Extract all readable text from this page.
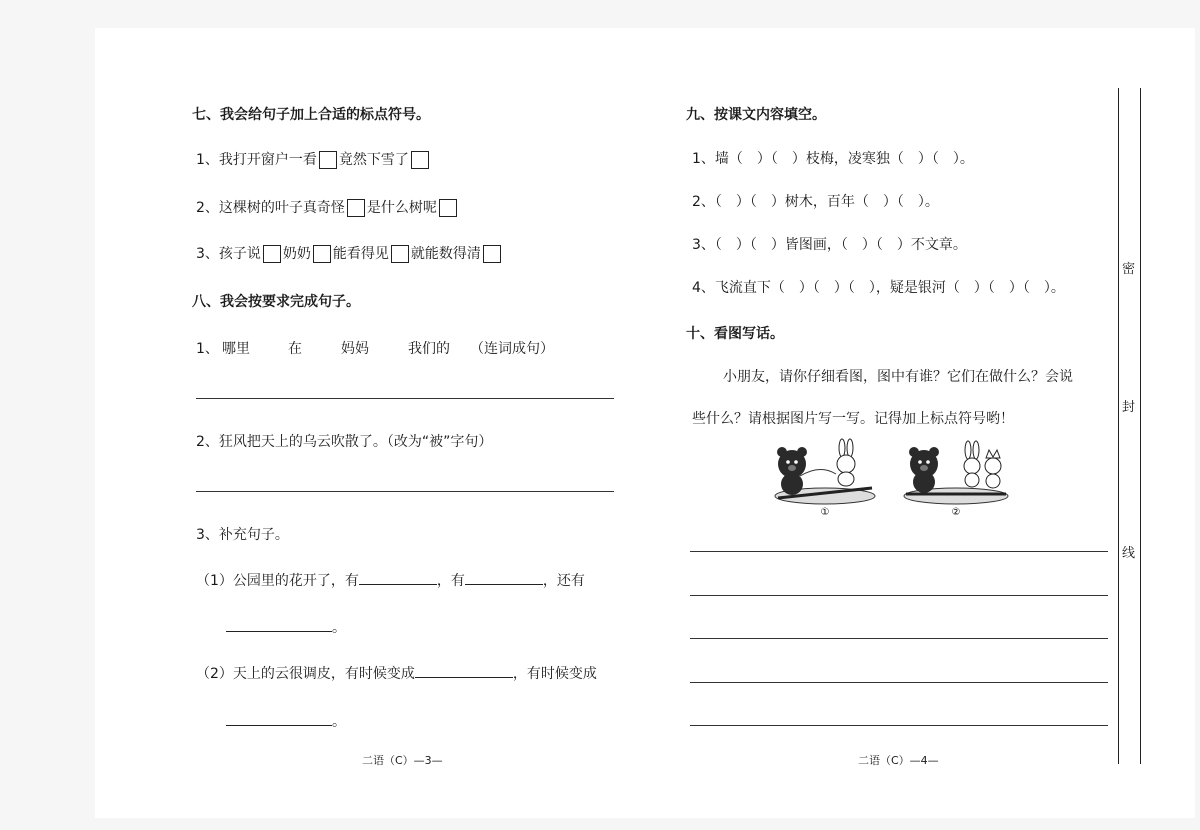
七、我会给句子加上合适的标点符号。
1、我打开窗户一看 竟然下雪了
2、这棵树的叶子真奇怪 是什么树呢
3、孩子说 奶奶 能看得见 就能数得清
八、我会按要求完成句子。
1、 哪里	在	妈妈	我们的 （连词成句）
2、狂风把天上的乌云吹散了。（改为“被”字句）
3、补充句子。
（1）公园里的花开了，有	，有	，还有
。
（2）天上的云很调皮，有时候变成	，有时候变成
。
二语（C）—3—
九、按课文内容填空。
1、墙（　）（　）枝梅，凌寒独（　）（　）。
2、（　）（　）树木，百年（　）（　）。
3、（　）（　）皆图画，（　）（　）不文章。
4、飞流直下（　）（　）（　），疑是银河（　）（　）（　）。
十、看图写话。
小朋友，请你仔细看图，图中有谁？它们在做什么？会说
些什么？请根据图片写一写。记得加上标点符号哟！
①	②
二语（C）—4—
密
封
线
